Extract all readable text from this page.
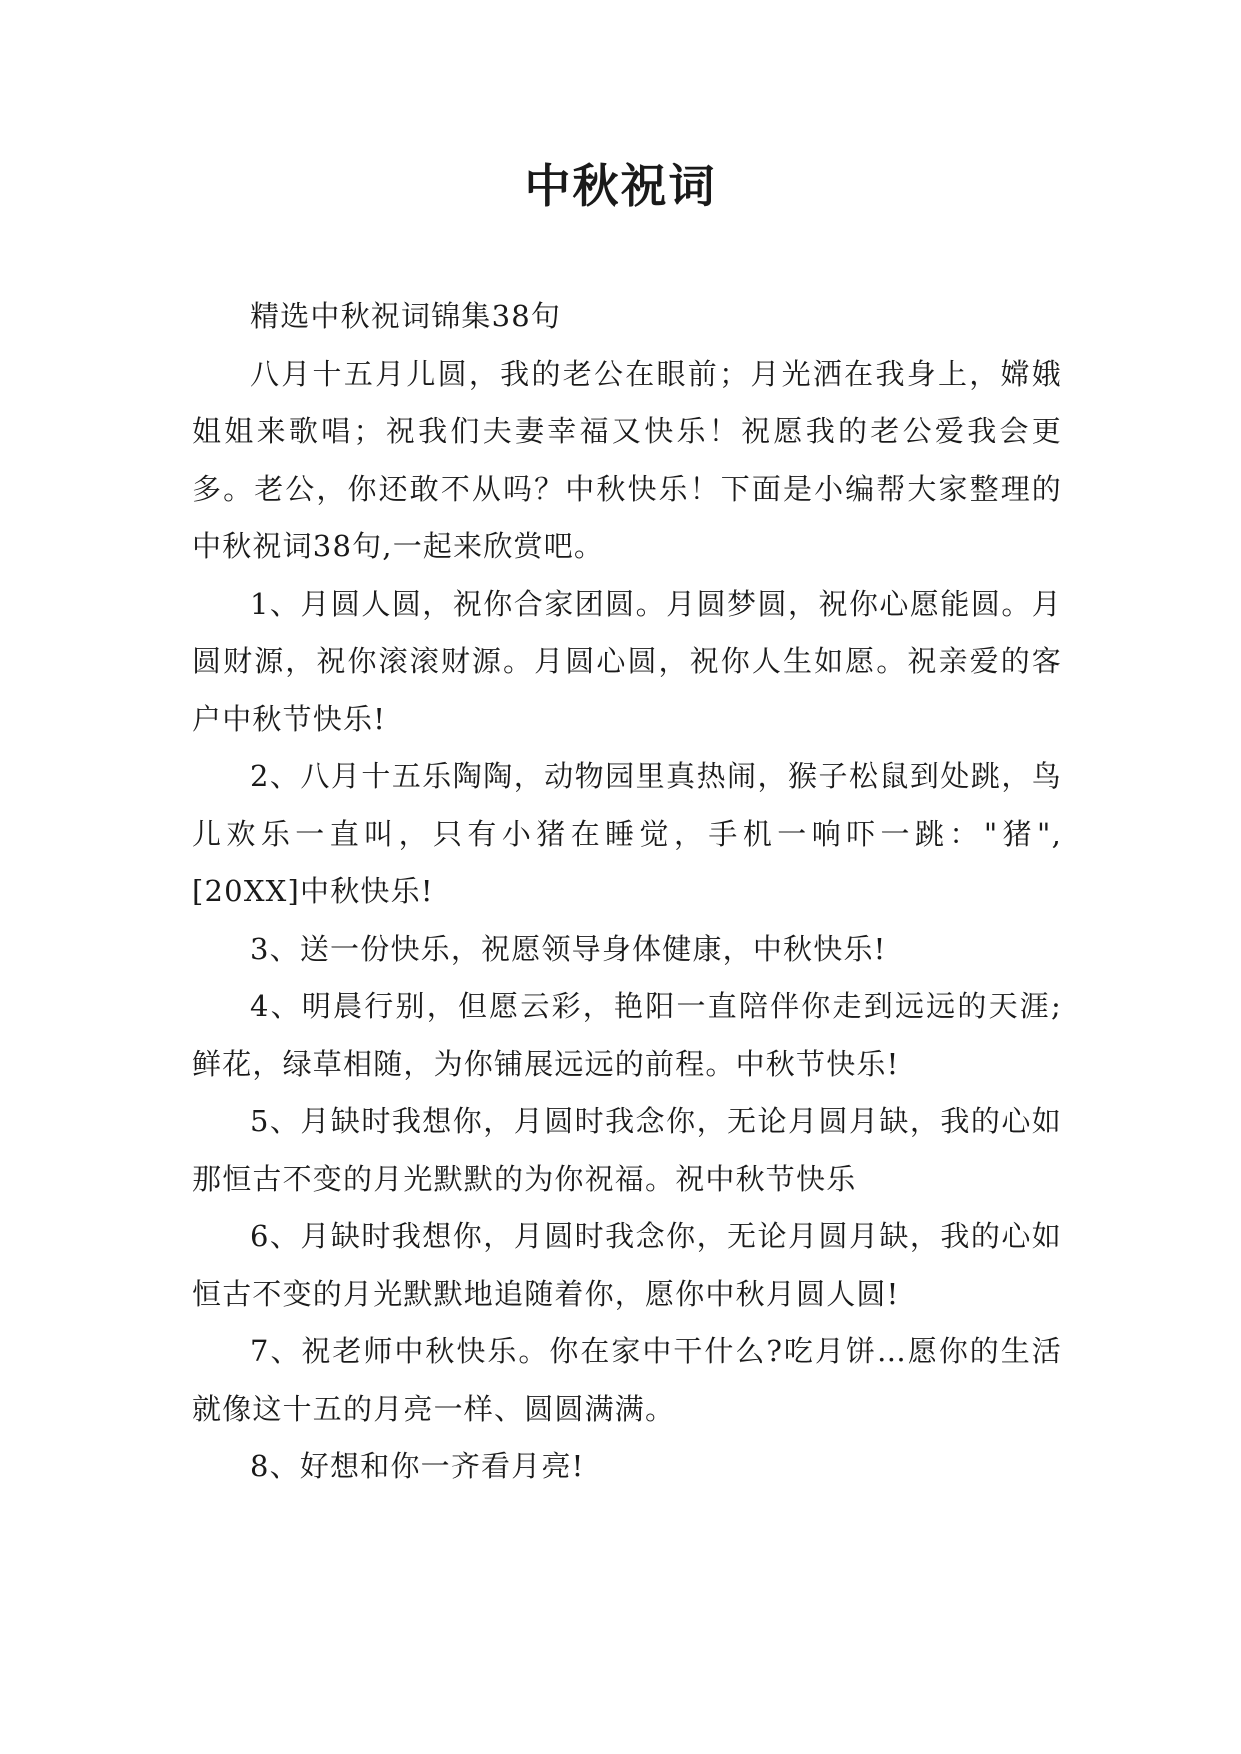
中秋祝词

精选中秋祝词锦集38句

八月十五月儿圆，我的老公在眼前；月光洒在我身上，嫦娥姐姐来歌唱；祝我们夫妻幸福又快乐！祝愿我的老公爱我会更多。老公，你还敢不从吗？中秋快乐！下面是小编帮大家整理的中秋祝词38句,一起来欣赏吧。

1、月圆人圆，祝你合家团圆。月圆梦圆，祝你心愿能圆。月圆财源，祝你滚滚财源。月圆心圆，祝你人生如愿。祝亲爱的客户中秋节快乐!

2、八月十五乐陶陶，动物园里真热闹，猴子松鼠到处跳，鸟儿欢乐一直叫，只有小猪在睡觉，手机一响吓一跳："猪",[20XX]中秋快乐!

3、送一份快乐，祝愿领导身体健康，中秋快乐!

4、明晨行别，但愿云彩，艳阳一直陪伴你走到远远的天涯;鲜花，绿草相随，为你铺展远远的前程。中秋节快乐!

5、月缺时我想你，月圆时我念你，无论月圆月缺，我的心如那恒古不变的月光默默的为你祝福。祝中秋节快乐

6、月缺时我想你，月圆时我念你，无论月圆月缺，我的心如恒古不变的月光默默地追随着你，愿你中秋月圆人圆!

7、祝老师中秋快乐。你在家中干什么?吃月饼…愿你的生活就像这十五的月亮一样、圆圆满满。

8、好想和你一齐看月亮!
